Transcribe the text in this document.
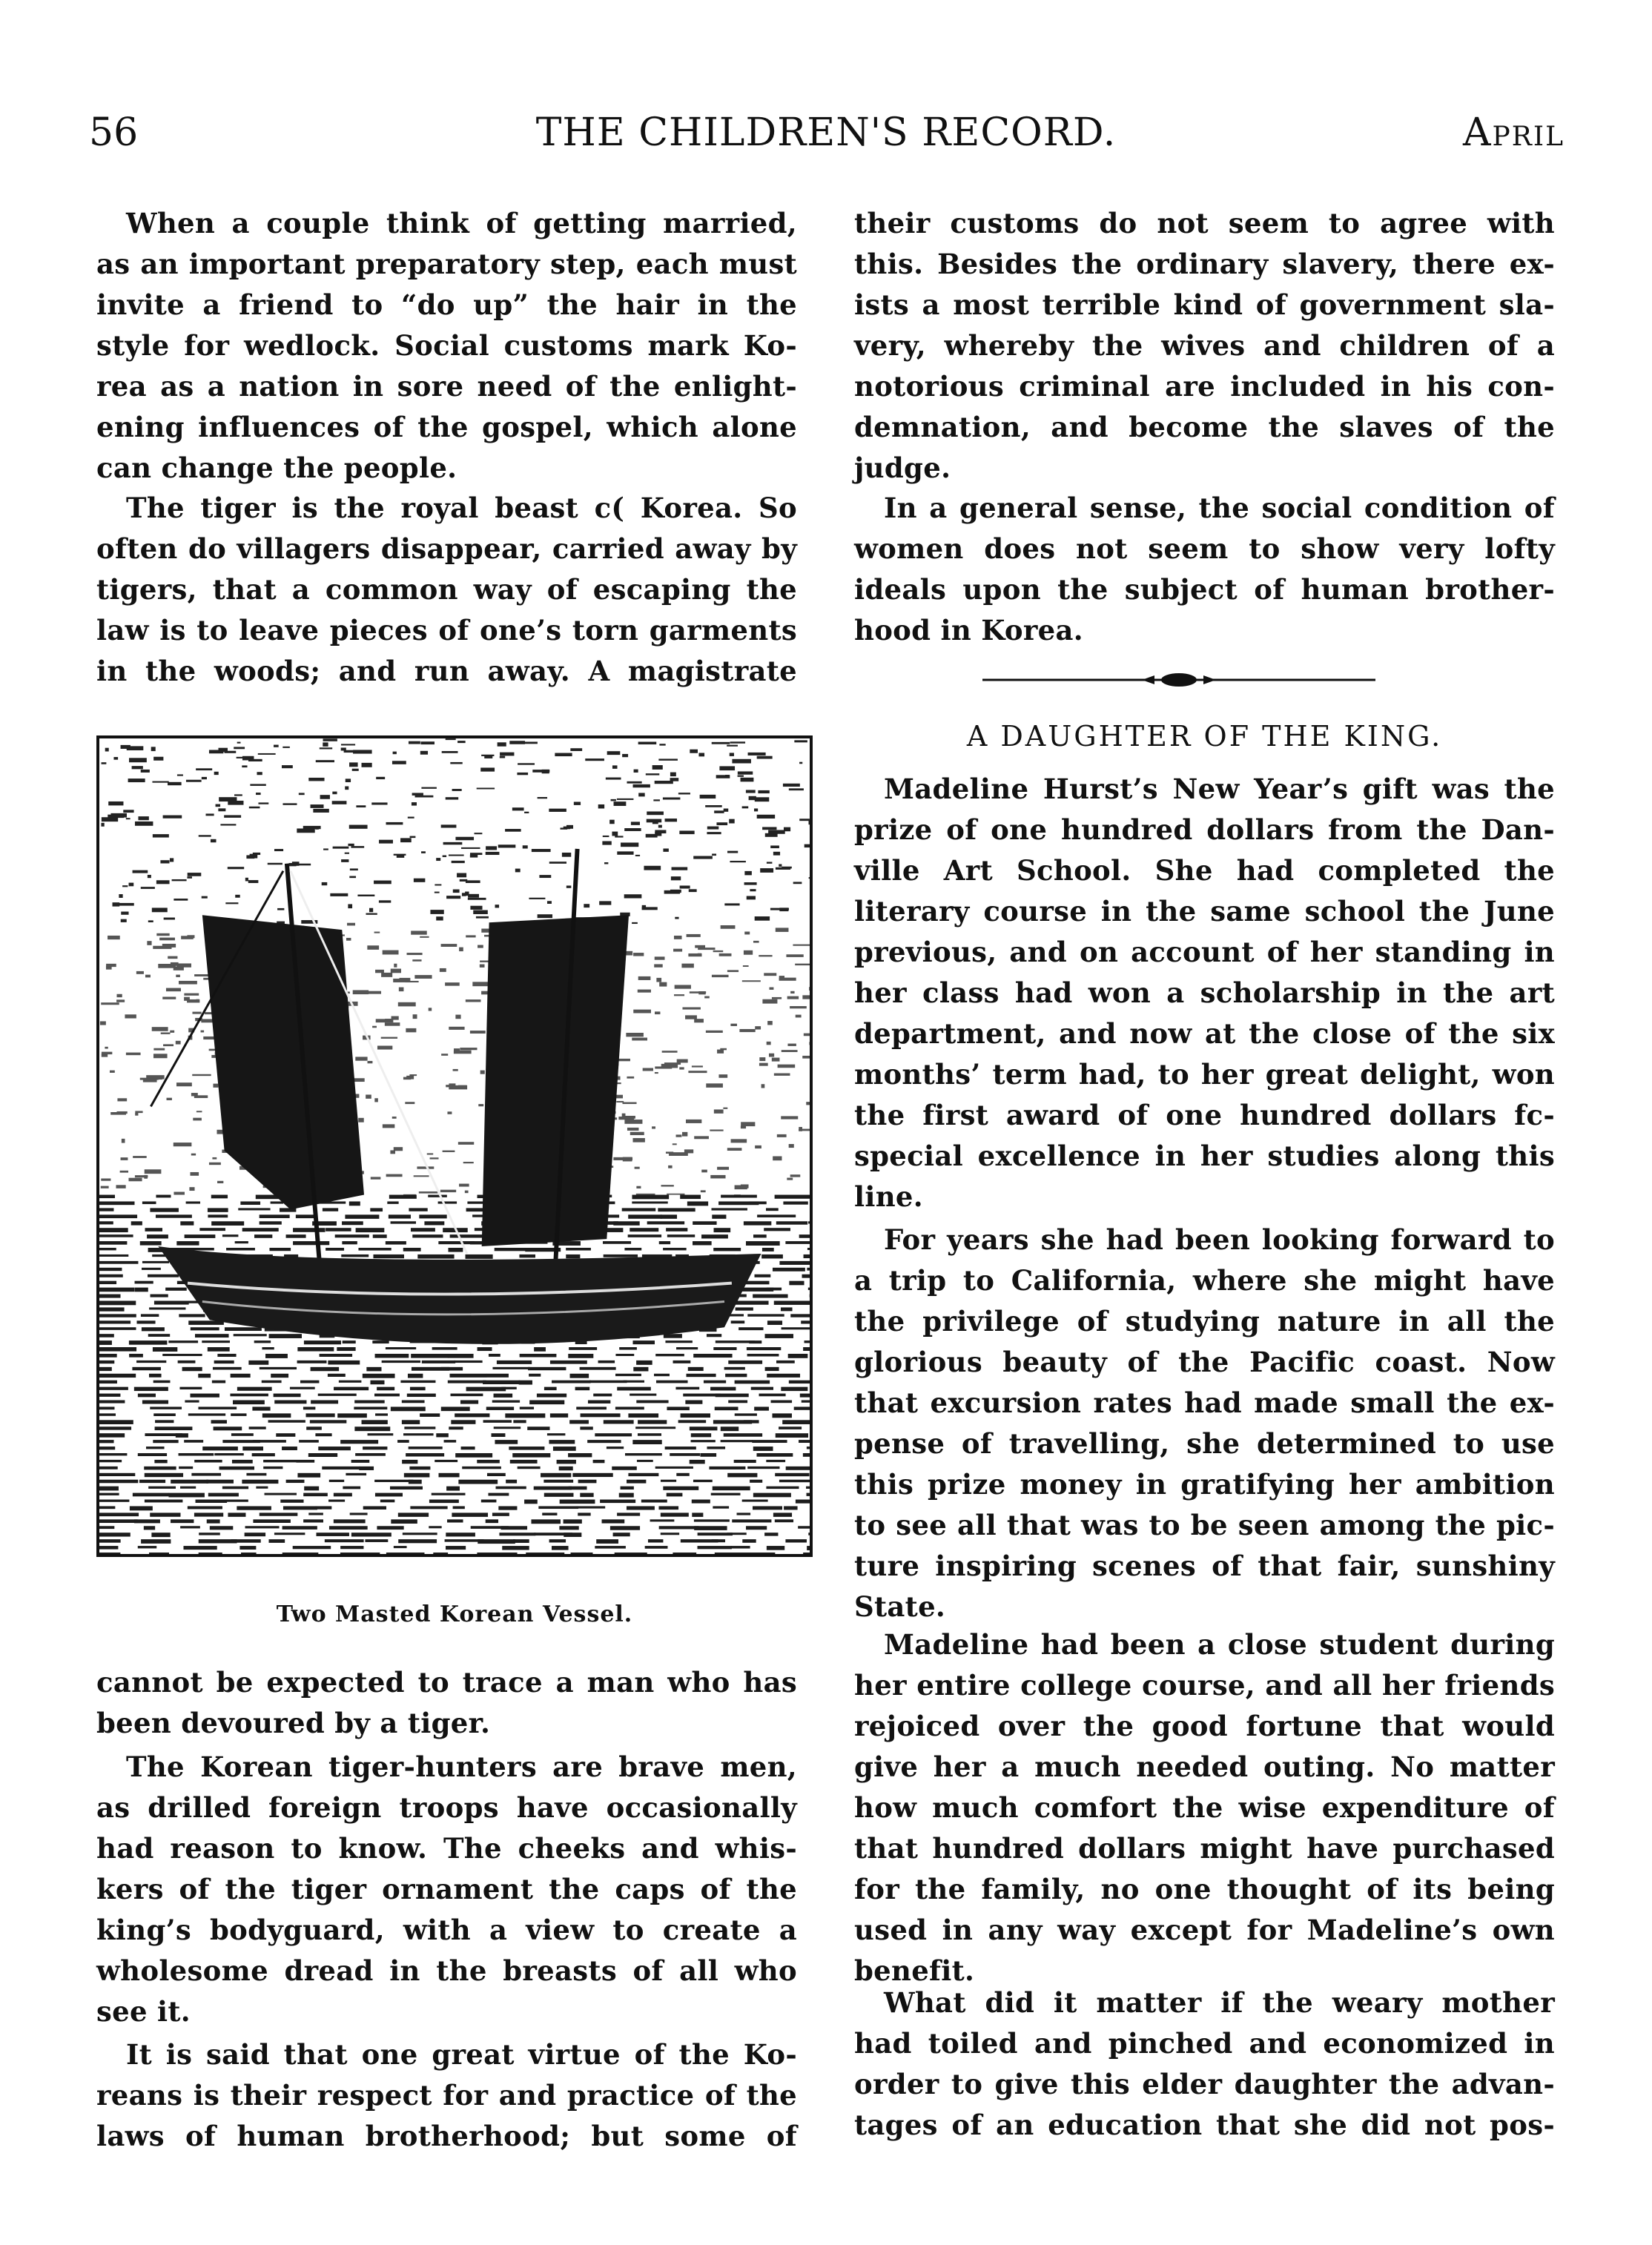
56	THE CHILDREN'S RECORD.	April
When a couple think of getting married,
as an important preparatory step, each must
invite a friend to “do up” the hair in the
style for wedlock. Social customs mark Ko-
rea as a nation in sore need of the enlight-
ening influences of the gospel, which alone
can change the people.
The tiger is the royal beast c( Korea. So
often do villagers disappear, carried away by
tigers, that a common way of escaping the
law is to leave pieces of one’s torn garments
in the woods; and run away. A magistrate
cannot be expected to trace a man who has
been devoured by a tiger.
The Korean tiger-hunters are brave men,
as drilled foreign troops have occasionally
had reason to know. The cheeks and whis-
kers of the tiger ornament the caps of the
king’s bodyguard, with a view to create a
wholesome dread in the breasts of all who
see it.
It is said that one great virtue of the Ko-
reans is their respect for and practice of the
laws of human brotherhood; but some of
their customs do not seem to agree with
this. Besides the ordinary slavery, there ex-
ists a most terrible kind of government sla-
very, whereby the wives and children of a
notorious criminal are included in his con-
demnation, and become the slaves of the
judge.
In a general sense, the social condition of
women does not seem to show very lofty
ideals upon the subject of human brother-
hood in Korea.
Madeline Hurst’s New Year’s gift was the
prize of one hundred dollars from the Dan-
ville Art School. She had completed the
literary course in the same school the June
previous, and on account of her standing in
her class had won a scholarship in the art
department, and now at the close of the six
months’ term had, to her great delight, won
the first award of one hundred dollars fc-
special excellence in her studies along this
line.
For years she had been looking forward to
a trip to California, where she might have
the privilege of studying nature in all the
glorious beauty of the Pacific coast. Now
that excursion rates had made small the ex-
pense of travelling, she determined to use
this prize money in gratifying her ambition
to see all that was to be seen among the pic-
ture inspiring scenes of that fair, sunshiny
State.
Madeline had been a close student during
her entire college course, and all her friends
rejoiced over the good fortune that would
give her a much needed outing. No matter
how much comfort the wise expenditure of
that hundred dollars might have purchased
for the family, no one thought of its being
used in any way except for Madeline’s own
benefit.
What did it matter if the weary mother
had toiled and pinched and economized in
order to give this elder daughter the advan-
tages of an education that she did not pos-
Two Masted Korean Vessel.
A DAUGHTER OF THE KING.
